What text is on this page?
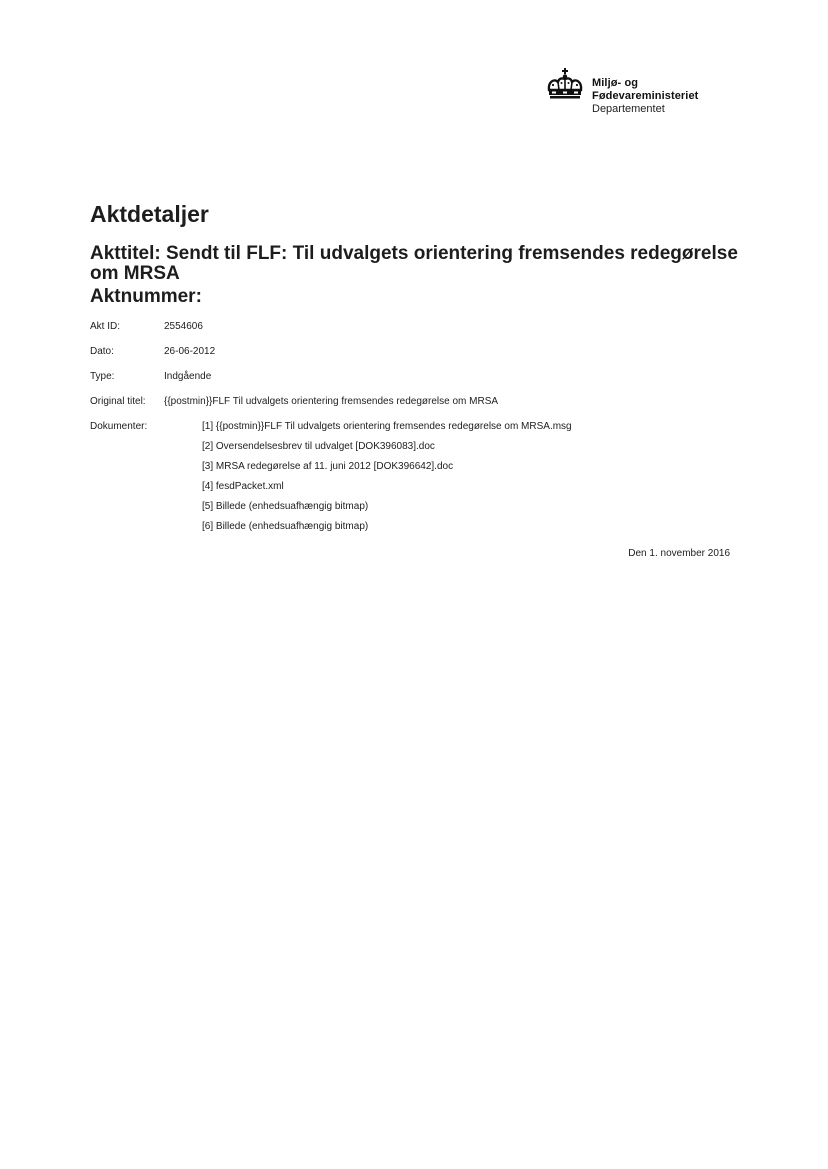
Miljø- og
Fødevareministeriet
Departementet
Aktdetaljer
Akttitel: Sendt til FLF: Til udvalgets orientering fremsendes redegørelse om MRSA
Aktnummer:
Akt ID:	2554606
Dato:	26-06-2012
Type:	Indgående
Original titel:	{{postmin}}FLF Til udvalgets orientering fremsendes redegørelse om MRSA
Dokumenter:	[1] {{postmin}}FLF Til udvalgets orientering fremsendes redegørelse om MRSA.msg
[2] Oversendelsesbrev til udvalget [DOK396083].doc
[3] MRSA redegørelse af 11. juni 2012 [DOK396642].doc
[4] fesdPacket.xml
[5] Billede (enhedsuafhængig bitmap)
[6] Billede (enhedsuafhængig bitmap)
Den 1. november 2016
